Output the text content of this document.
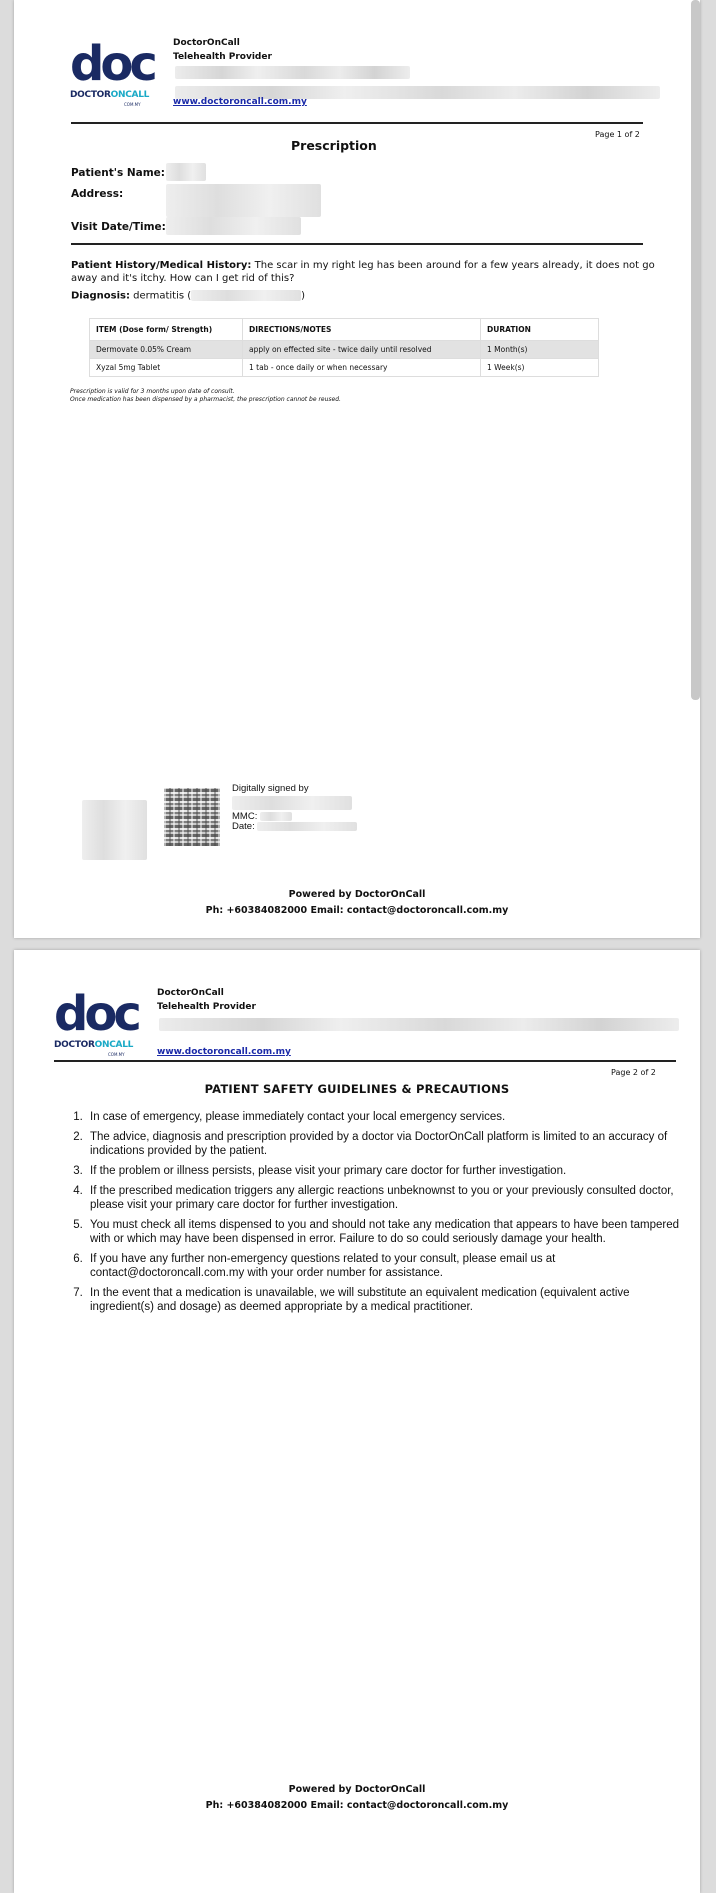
doc
DOCTORONCALL
COM.MY
DoctorOnCall
Telehealth Provider
www.doctoroncall.com.my
Page 1 of 2
Prescription
Patient's Name:
Address:
Visit Date/Time:
Patient History/Medical History: The scar in my right leg has been around for a few years already, it does not go away and it's itchy. How can I get rid of this?
Diagnosis: dermatitis (	)
ITEM (Dose form/ Strength)	DIRECTIONS/NOTES	DURATION
Dermovate 0.05% Cream	apply on effected site - twice daily until resolved	1 Month(s)
Xyzal 5mg Tablet	1 tab - once daily or when necessary	1 Week(s)
Prescription is valid for 3 months upon date of consult.
Once medication has been dispensed by a pharmacist, the prescription cannot be reused.
Digitally signed by
MMC:
Date:
Powered by DoctorOnCall
Ph: +60384082000 Email: contact@doctoroncall.com.my
doc
DOCTORONCALL
COM.MY
DoctorOnCall
Telehealth Provider
www.doctoroncall.com.my
Page 2 of 2
PATIENT SAFETY GUIDELINES & PRECAUTIONS
1. In case of emergency, please immediately contact your local emergency services.
2. The advice, diagnosis and prescription provided by a doctor via DoctorOnCall platform is limited to an accuracy of indications provided by the patient.
3. If the problem or illness persists, please visit your primary care doctor for further investigation.
4. If the prescribed medication triggers any allergic reactions unbeknownst to you or your previously consulted doctor, please visit your primary care doctor for further investigation.
5. You must check all items dispensed to you and should not take any medication that appears to have been tampered with or which may have been dispensed in error. Failure to do so could seriously damage your health.
6. If you have any further non-emergency questions related to your consult, please email us at contact@doctoroncall.com.my with your order number for assistance.
7. In the event that a medication is unavailable, we will substitute an equivalent medication (equivalent active ingredient(s) and dosage) as deemed appropriate by a medical practitioner.
Powered by DoctorOnCall
Ph: +60384082000 Email: contact@doctoroncall.com.my
